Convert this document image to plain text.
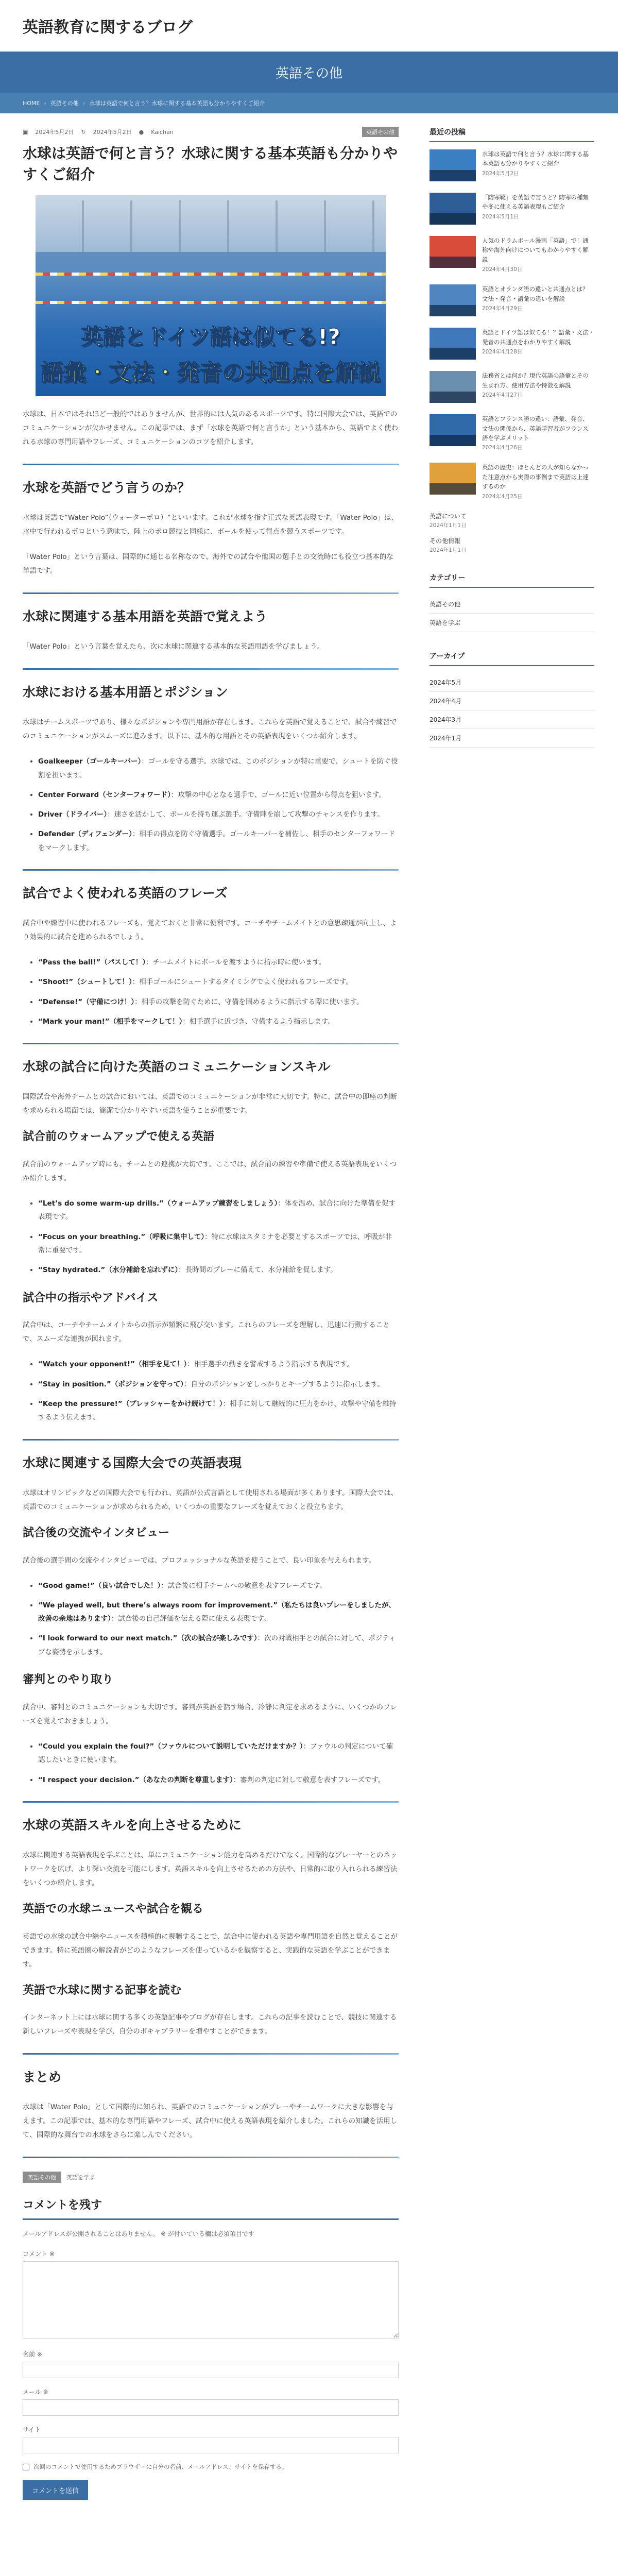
英語教育に関するブログ
英語その他
HOME › 英語その他 › 水球は英語で何と言う？水球に関する基本英語も分かりやすくご紹介
▣ 2024年5月2日 ↻ 2024年5月2日 ● Kaichan	英語その他
水球は英語で何と言う？水球に関する基本英語も分かりやすくご紹介
英語とドイツ語は似てる!?
語彙・文法・発音の共通点を解説

水球は、日本ではそれほど一般的ではありませんが、世界的には人気のあるスポーツです。特に国際大会では、英語でのコミュニケーションが欠かせません。この記事では、まず「水球を英語で何と言うか」という基本から、英語でよく使われる水球の専門用語やフレーズ、コミュニケーションのコツを紹介します。

水球を英語でどう言うのか？

水球は英語で“Water Polo”（ウォーターポロ）“といいます。これが水球を指す正式な英語表現です。「Water Polo」は、水中で行われるポロという意味で、陸上のポロ競技と同様に、ボールを使って得点を競うスポーツです。

「Water Polo」という言葉は、国際的に通じる名称なので、海外での試合や他国の選手との交流時にも役立つ基本的な単語です。

水球に関連する基本用語を英語で覚えよう

「Water Polo」という言葉を覚えたら、次に水球に関連する基本的な英語用語を学びましょう。

水球における基本用語とポジション

水球はチームスポーツであり、様々なポジションや専門用語が存在します。これらを英語で覚えることで、試合や練習でのコミュニケーションがスムーズに進みます。以下に、基本的な用語とその英語表現をいくつか紹介します。

• Goalkeeper（ゴールキーパー）：ゴールを守る選手。水球では、このポジションが特に重要で、シュートを防ぐ役割を担います。
• Center Forward（センターフォワード）：攻撃の中心となる選手で、ゴールに近い位置から得点を狙います。
• Driver（ドライバー）：速さを活かして、ボールを持ち運ぶ選手。守備陣を崩して攻撃のチャンスを作ります。
• Defender（ディフェンダー）：相手の得点を防ぐ守備選手。ゴールキーパーを補佐し、相手のセンターフォワードをマークします。
試合でよく使われる英語のフレーズ

試合中や練習中に使われるフレーズも、覚えておくと非常に便利です。コーチやチームメイトとの意思疎通が向上し、より効果的に試合を進められるでしょう。

• “Pass the ball!”（パスして！）：チームメイトにボールを渡すように指示時に使います。
• “Shoot!”（シュートして！）：相手ゴールにシュートするタイミングでよく使われるフレーズです。
• “Defense!”（守備につけ！）：相手の攻撃を防ぐために、守備を固めるように指示する際に使います。
• “Mark your man!”（相手をマークして！）：相手選手に近づき、守備するよう指示します。
水球の試合に向けた英語のコミュニケーションスキル

国際試合や海外チームとの試合においては、英語でのコミュニケーションが非常に大切です。特に、試合中の即座の判断を求められる場面では、簡潔で分かりやすい英語を使うことが重要です。

試合前のウォームアップで使える英語

試合前のウォームアップ時にも、チームとの連携が大切です。ここでは、試合前の練習や準備で使える英語表現をいくつか紹介します。

• “Let’s do some warm-up drills.”（ウォームアップ練習をしましょう）：体を温め、試合に向けた準備を促す表現です。
• “Focus on your breathing.”（呼吸に集中して）：特に水球はスタミナを必要とするスポーツでは、呼吸が非常に重要です。
• “Stay hydrated.”（水分補給を忘れずに）：長時間のプレーに備えて、水分補給を促します。
試合中の指示やアドバイス

試合中は、コーチやチームメイトからの指示が頻繁に飛び交います。これらのフレーズを理解し、迅速に行動することで、スムーズな連携が図れます。

• “Watch your opponent!”（相手を見て！）：相手選手の動きを警戒するよう指示する表現です。
• “Stay in position.”（ポジションを守って）：自分のポジションをしっかりとキープするように指示します。
• “Keep the pressure!”（プレッシャーをかけ続けて！）：相手に対して継続的に圧力をかけ、攻撃や守備を維持するよう伝えます。
水球に関連する国際大会での英語表現

水球はオリンピックなどの国際大会でも行われ、英語が公式言語として使用される場面が多くあります。国際大会では、英語でのコミュニケーションが求められるため、いくつかの重要なフレーズを覚えておくと役立ちます。

試合後の交流やインタビュー

試合後の選手間の交流やインタビューでは、プロフェッショナルな英語を使うことで、良い印象を与えられます。

• “Good game!”（良い試合でした！）：試合後に相手チームへの敬意を表すフレーズです。
• “We played well, but there’s always room for improvement.”（私たちは良いプレーをしましたが、改善の余地はあります）：試合後の自己評価を伝える際に使える表現です。
• “I look forward to our next match.”（次の試合が楽しみです）：次の対戦相手との試合に対して、ポジティブな姿勢を示します。
審判とのやり取り

試合中、審判とのコミュニケーションも大切です。審判が英語を話す場合、冷静に判定を求めるように、いくつかのフレーズを覚えておきましょう。

• “Could you explain the foul?”（ファウルについて説明していただけますか？）：ファウルの判定について確認したいときに使います。
• “I respect your decision.”（あなたの判断を尊重します）：審判の判定に対して敬意を表すフレーズです。
水球の英語スキルを向上させるために

水球に関連する英語表現を学ぶことは、単にコミュニケーション能力を高めるだけでなく、国際的なプレーヤーとのネットワークを広げ、より深い交流を可能にします。英語スキルを向上させるための方法や、日常的に取り入れられる練習法をいくつか紹介します。

英語での水球ニュースや試合を観る

英語での水球の試合中継やニュースを積極的に視聴することで、試合中に使われる英語や専門用語を自然と覚えることができます。特に英語圏の解説者がどのようなフレーズを使っているかを観察すると、実践的な英語を学ぶことができます。

英語で水球に関する記事を読む

インターネット上には水球に関する多くの英語記事やブログが存在します。これらの記事を読むことで、競技に関連する新しいフレーズや表現を学び、自分のボキャブラリーを増やすことができます。

まとめ

水球は「Water Polo」として国際的に知られ、英語でのコミュニケーションがプレーやチームワークに大きな影響を与えます。この記事では、基本的な専門用語やフレーズ、試合中に使える英語表現を紹介しました。これらの知識を活用して、国際的な舞台での水球をさらに楽しんでください。

英語その他	英語を学ぶ
コメントを残す
メールアドレスが公開されることはありません。 ※ が付いている欄は必須項目です
コメント ※
名前 ※
メール ※
サイト
次回のコメントで使用するためブラウザーに自分の名前、メールアドレス、サイトを保存する。
コメントを送信
最近の投稿
水球は英語で何と言う？水球に関する基本英語も分かりやすくご紹介
2024年5月2日
「防寒靴」を英語で言うと？防寒の種類や冬に使える英語表現もご紹介
2024年5月1日
人気のドラムボール漫画「英語」で！通称や海外向けについてもわかりやすく解説
2024年4月30日
英語とオランダ語の違いと共通点とは？文法・発音・語彙の違いを解説
2024年4月29日
英語とドイツ語は似てる！？語彙・文法・発音の共通点をわかりやすく解説
2024年4月28日
法務省とは何か？現代英語の語彙とその生まれ方、使用方法や特徴を解説
2024年4月27日
英語とフランス語の違い：語彙、発音、文法の関係から、英語学習者がフランス語を学ぶメリット
2024年4月26日
英語の歴史：ほとんどの人が知らなかった注意点から実際の事例まで英語は上達するのか
2024年4月25日
英語について
2024年1月1日
その他情報
2024年1月1日
カテゴリー
英語その他
英語を学ぶ
アーカイブ
2024年5月
2024年4月
2024年3月
2024年1月
